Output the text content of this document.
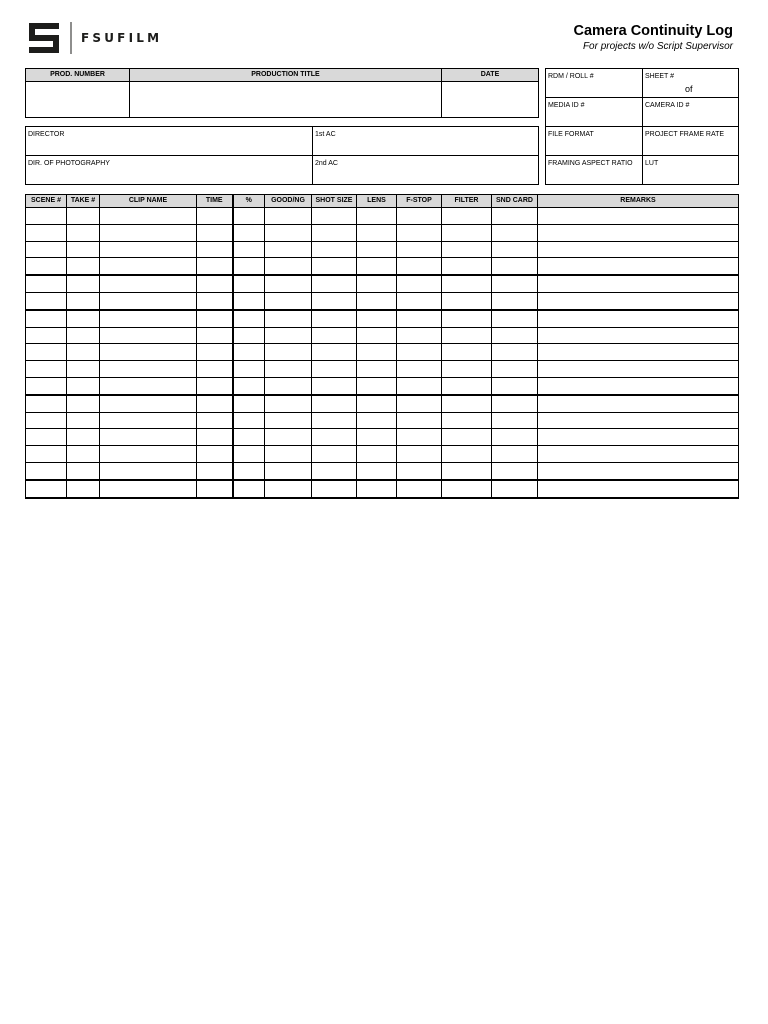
FSUFILM	Camera Continuity Log
For projects w/o Script Supervisor
PROD. NUMBER	PRODUCTION TITLE	DATE

DIRECTOR	1st AC

DIR. OF PHOTOGRAPHY	2nd AC
RDM / ROLL #	SHEET #

MEDIA ID #	CAMERA ID #

FILE FORMAT	PROJECT FRAME RATE

FRAMING ASPECT RATIO	LUT
of
SCENE #	TAKE #	CLIP NAME	TIME	%	GOOD/NG	SHOT SIZE	LENS	F-STOP	FILTER	SND CARD	REMARKS
